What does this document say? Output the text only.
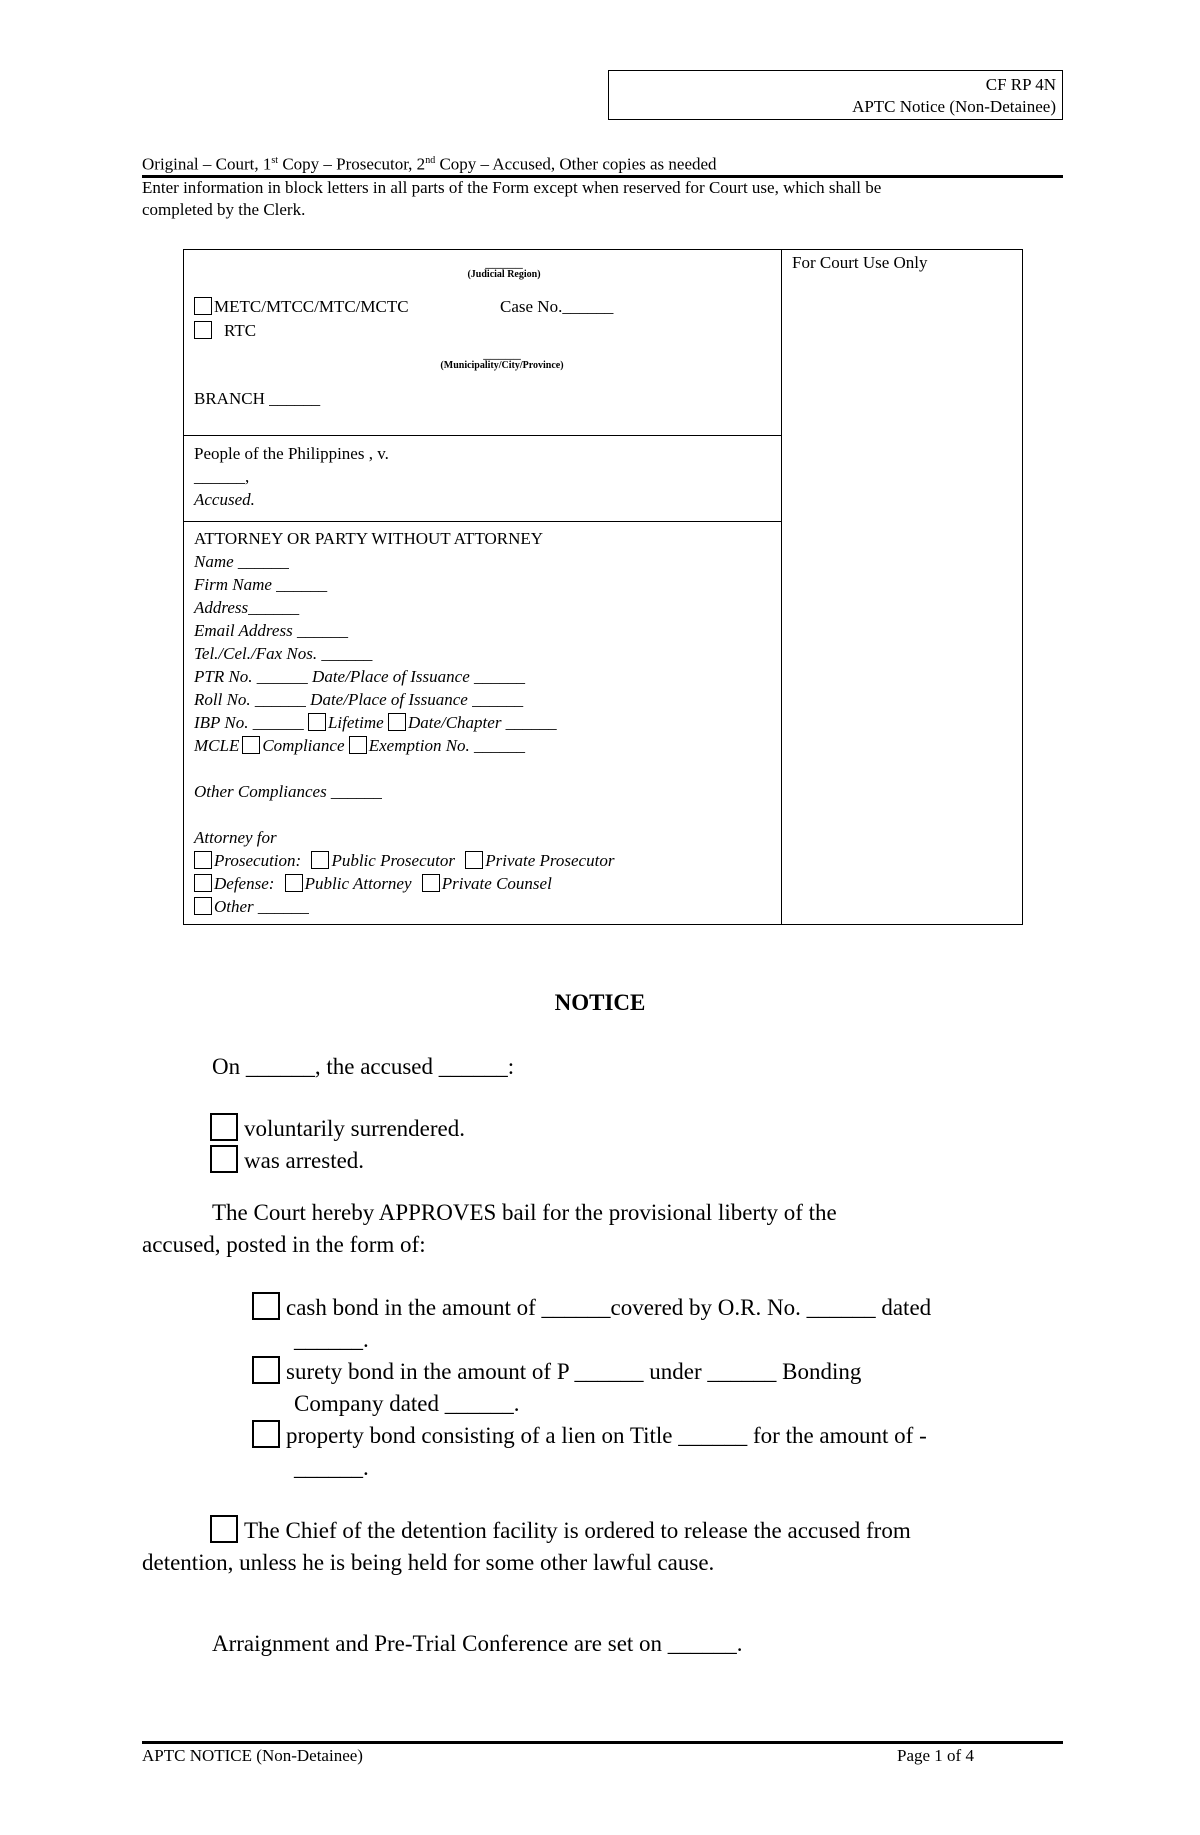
CF RP 4N
APTC Notice (Non-Detainee)
Original – Court, 1st Copy – Prosecutor, 2nd Copy – Accused, Other copies as needed
Enter information in block letters in all parts of the Form except when reserved for Court use, which shall be
completed by the Clerk.
_____
(Judicial Region)
METC/MTCC/MTC/MCTC	Case No.______
RTC
_____
(Municipality/City/Province)
BRANCH ______
People of the Philippines , v.
______,
Accused.
ATTORNEY OR PARTY WITHOUT ATTORNEY
Name ______
Firm Name ______
Address______
Email Address ______
Tel./Cel./Fax Nos. ______
PTR No. ______ Date/Place of Issuance ______
Roll No. ______ Date/Place of Issuance ______
IBP No. ______ Lifetime Date/Chapter ______
MCLE Compliance Exemption No. ______
Other Compliances ______
Attorney for
Prosecution: Public Prosecutor Private Prosecutor
Defense: Public Attorney Private Counsel
Other ______
For Court Use Only
NOTICE
On ______, the accused ______:
voluntarily surrendered.
was arrested.
The Court hereby APPROVES bail for the provisional liberty of the
accused, posted in the form of:
cash bond in the amount of ______covered by O.R. No. ______ dated
______.
surety bond in the amount of P ______ under ______ Bonding
Company dated ______.
property bond consisting of a lien on Title ______ for the amount of -
______.
The Chief of the detention facility is ordered to release the accused from
detention, unless he is being held for some other lawful cause.
Arraignment and Pre-Trial Conference are set on ______.
APTC NOTICE (Non-Detainee)	Page 1 of 4
